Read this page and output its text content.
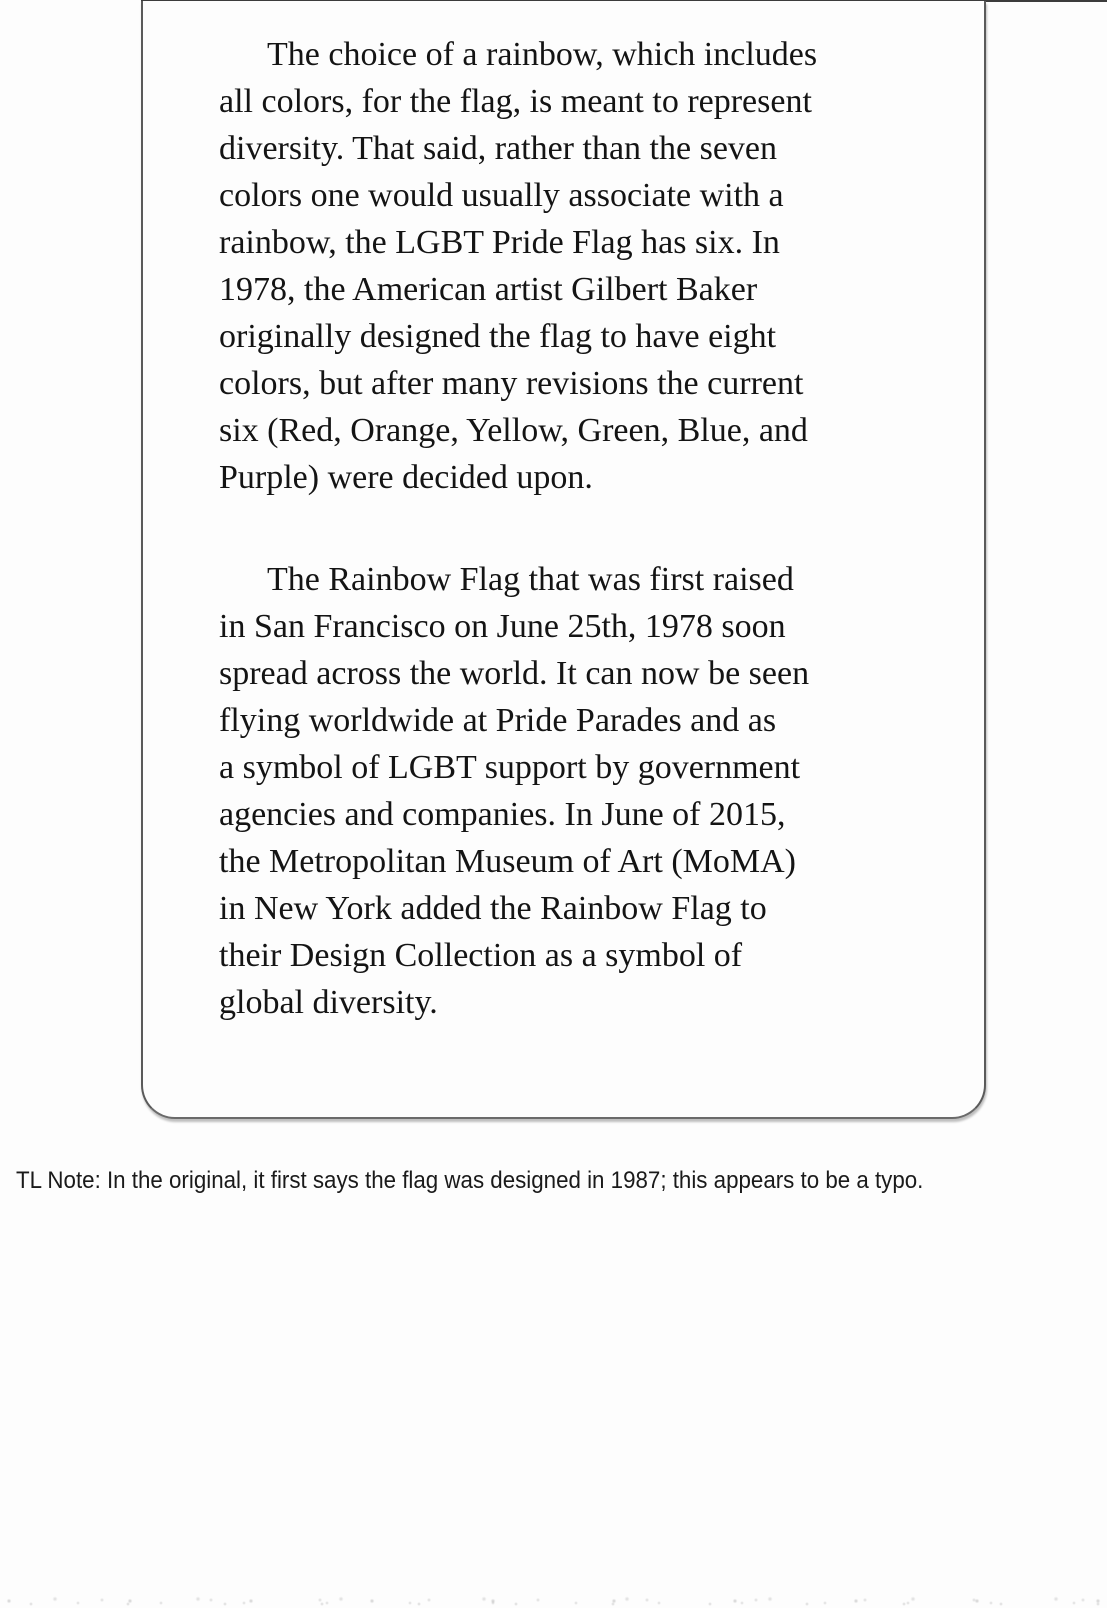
The choice of a rainbow, which includes
all colors, for the flag, is meant to represent
diversity. That said, rather than the seven
colors one would usually associate with a
rainbow, the LGBT Pride Flag has six. In
1978, the American artist Gilbert Baker
originally designed the flag to have eight
colors, but after many revisions the current
six (Red, Orange, Yellow, Green, Blue, and
Purple) were decided upon.
The Rainbow Flag that was first raised
in San Francisco on June 25th, 1978 soon
spread across the world. It can now be seen
flying worldwide at Pride Parades and as
a symbol of LGBT support by government
agencies and companies. In June of 2015,
the Metropolitan Museum of Art (MoMA)
in New York added the Rainbow Flag to
their Design Collection as a symbol of
global diversity.
TL Note: In the original, it first says the flag was designed in 1987; this appears to be a typo.
